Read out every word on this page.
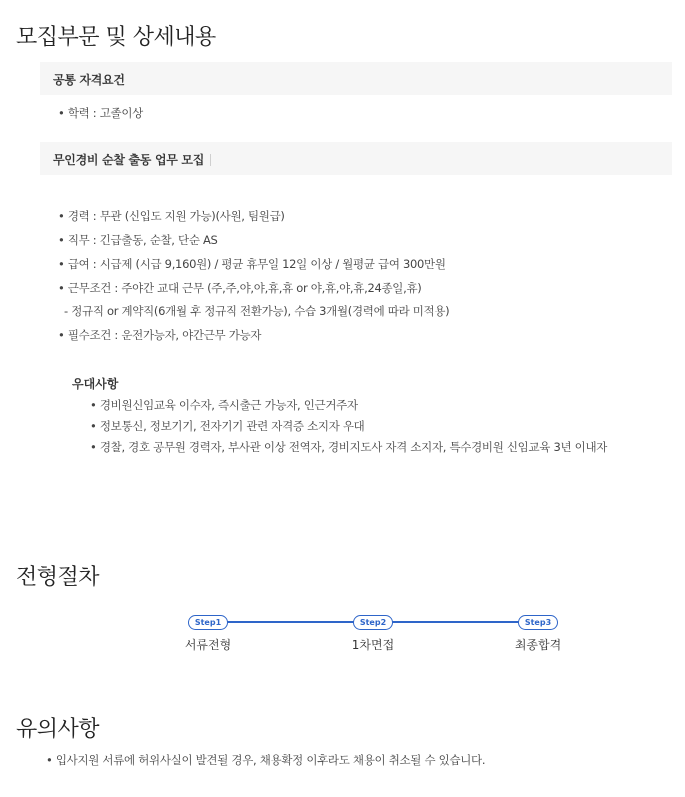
모집부문 및 상세내용
공통 자격요건
• 학력 : 고졸이상
무인경비 순찰 출동 업무 모집
• 경력 : 무관 (신입도 지원 가능)(사원, 팀원급)
• 직무 : 긴급출동, 순찰, 단순 AS
• 급여 : 시급제 (시급 9,160원) / 평균 휴무일 12일 이상 / 월평균 급여 300만원
• 근무조건 : 주야간 교대 근무 (주,주,야,야,휴,휴 or 야,휴,야,휴,24종일,휴)
- 정규직 or 계약직(6개월 후 정규직 전환가능), 수습 3개월(경력에 따라 미적용)
• 필수조건 : 운전가능자, 야간근무 가능자
우대사항
• 경비원신임교육 이수자, 즉시출근 가능자, 인근거주자
• 정보통신, 정보기기, 전자기기 관련 자격증 소지자 우대
• 경찰, 경호 공무원 경력자, 부사관 이상 전역자, 경비지도사 자격 소지자, 특수경비원 신임교육 3년 이내자
전형절차
Step1	Step2	Step3
서류전형	1차면접	최종합격
유의사항
• 입사지원 서류에 허위사실이 발견될 경우, 채용확정 이후라도 채용이 취소될 수 있습니다.
